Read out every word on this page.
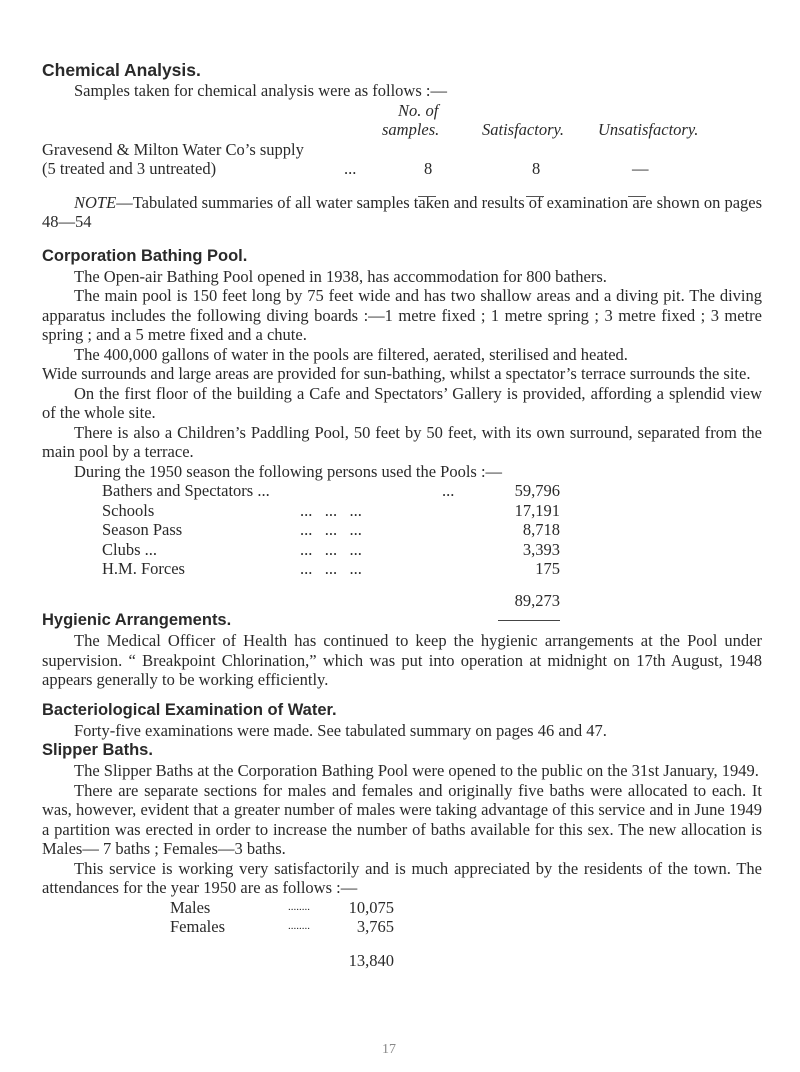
Chemical Analysis.

Samples taken for chemical analysis were as follows :—

No. of
samples.	Satisfactory. Unsatisfactory.
Gravesend & Milton Water Co’s supply
(5 treated and 3 untreated)	...	8	8	—

NOTE—Tabulated summaries of all water samples taken and results of examination are shown on pages 48—54

Corporation Bathing Pool.

The Open-air Bathing Pool opened in 1938, has accommodation for 800 bathers.

The main pool is 150 feet long by 75 feet wide and has two shallow areas and a diving pit. The diving apparatus includes the following diving boards :—1 metre fixed ; 1 metre spring ; 3 metre fixed ; 3 metre spring ; and a 5 metre fixed and a chute.

The 400,000 gallons of water in the pools are filtered, aerated, sterilised and heated.

Wide surrounds and large areas are provided for sun-bathing, whilst a spectator’s terrace surrounds the site.

On the first floor of the building a Cafe and Spectators’ Gallery is provided, affording a splendid view of the whole site.

There is also a Children’s Paddling Pool, 50 feet by 50 feet, with its own surround, separated from the main pool by a terrace.

During the 1950 season the following persons used the Pools :—

Bathers and Spectators ...	...	59,796
Schools	...   ...   ...	17,191
Season Pass	...   ...   ...	8,718
Clubs ...	...   ...   ...	3,393
H.M. Forces	...   ...   ...	175
89,273
Hygienic Arrangements.

The Medical Officer of Health has continued to keep the hygienic arrangements at the Pool under supervision. “ Breakpoint Chlorination,” which was put into operation at midnight on 17th August, 1948 appears generally to be working efficiently.

Bacteriological Examination of Water.

Forty-five examinations were made. See tabulated summary on pages 46 and 47.

Slipper Baths.

The Slipper Baths at the Corporation Bathing Pool were opened to the public on the 31st January, 1949.

There are separate sections for males and females and originally five baths were allocated to each. It was, however, evident that a greater number of males were taking advantage of this service and in June 1949 a partition was erected in order to increase the number of baths available for this sex. The new allocation is Males— 7 baths ; Females—3 baths.

This service is working very satisfactorily and is much appreciated by the residents of the town. The attendances for the year 1950 are as follows :—

Males	........	10,075
Females	........	3,765
13,840
17
